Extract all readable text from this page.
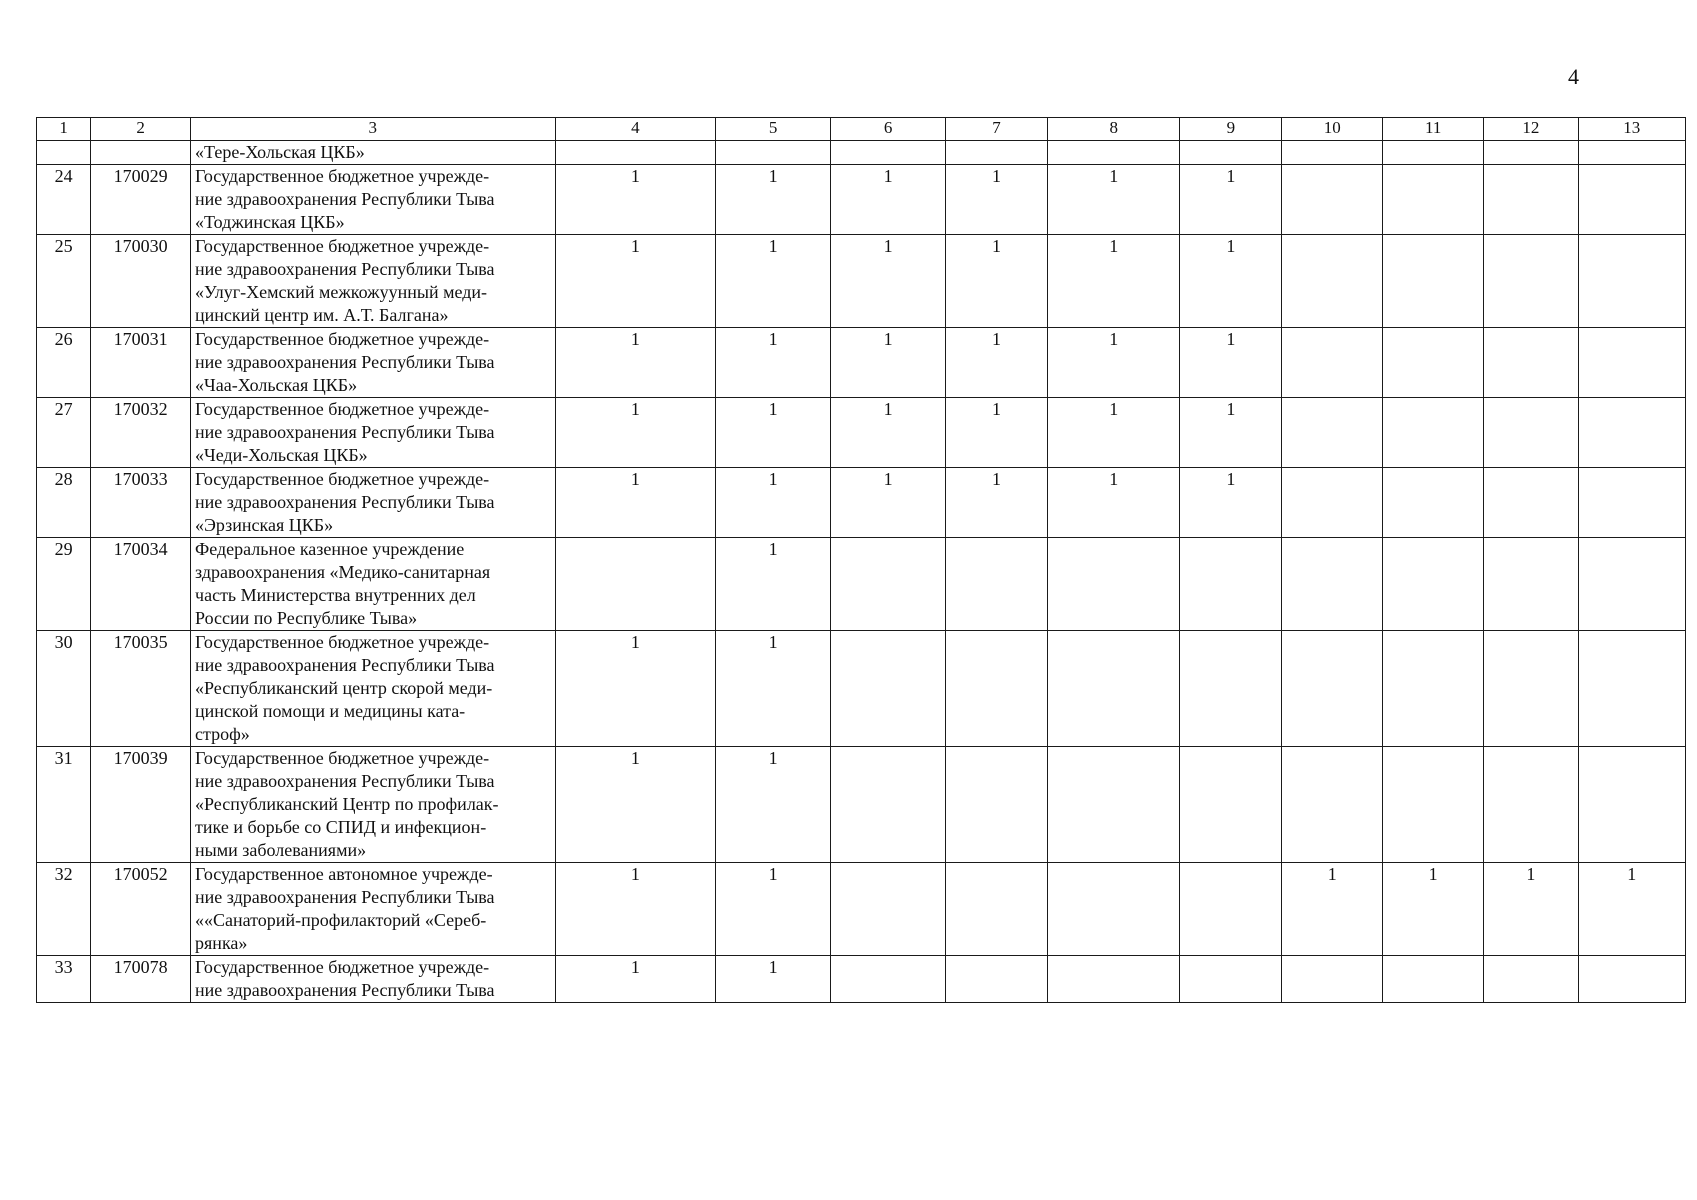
4
1	2	3	4	5	6	7	8	9	10	11	12	13

		«Тере-Хольская ЦКБ»										

24	170029	Государственное бюджетное учрежде-
ние здравоохранения Республики Тыва
«Тоджинская ЦКБ»	1	1	1	1	1	1				
25	170030	Государственное бюджетное учрежде-
ние здравоохранения Республики Тыва
«Улуг-Хемский межкожуунный меди-
цинский центр им. А.Т. Балгана»	1	1	1	1	1	1				
26	170031	Государственное бюджетное учрежде-
ние здравоохранения Республики Тыва
«Чаа-Хольская ЦКБ»	1	1	1	1	1	1				
27	170032	Государственное бюджетное учрежде-
ние здравоохранения Республики Тыва
«Чеди-Хольская ЦКБ»	1	1	1	1	1	1				
28	170033	Государственное бюджетное учрежде-
ние здравоохранения Республики Тыва
«Эрзинская ЦКБ»	1	1	1	1	1	1				
29	170034	Федеральное казенное учреждение
здравоохранения «Медико-санитарная
часть Министерства внутренних дел
России по Республике Тыва»		1								
30	170035	Государственное бюджетное учрежде-
ние здравоохранения Республики Тыва
«Республиканский центр скорой меди-
цинской помощи и медицины ката-
строф»	1	1								
31	170039	Государственное бюджетное учрежде-
ние здравоохранения Республики Тыва
«Республиканский Центр по профилак-
тике и борьбе со СПИД и инфекцион-
ными заболеваниями»	1	1								
32	170052	Государственное автономное учрежде-
ние здравоохранения Республики Тыва
««Санаторий-профилакторий «Сереб-
рянка»	1	1					1	1	1	1
33	170078	Государственное бюджетное учрежде-
ние здравоохранения Республики Тыва	1	1								
